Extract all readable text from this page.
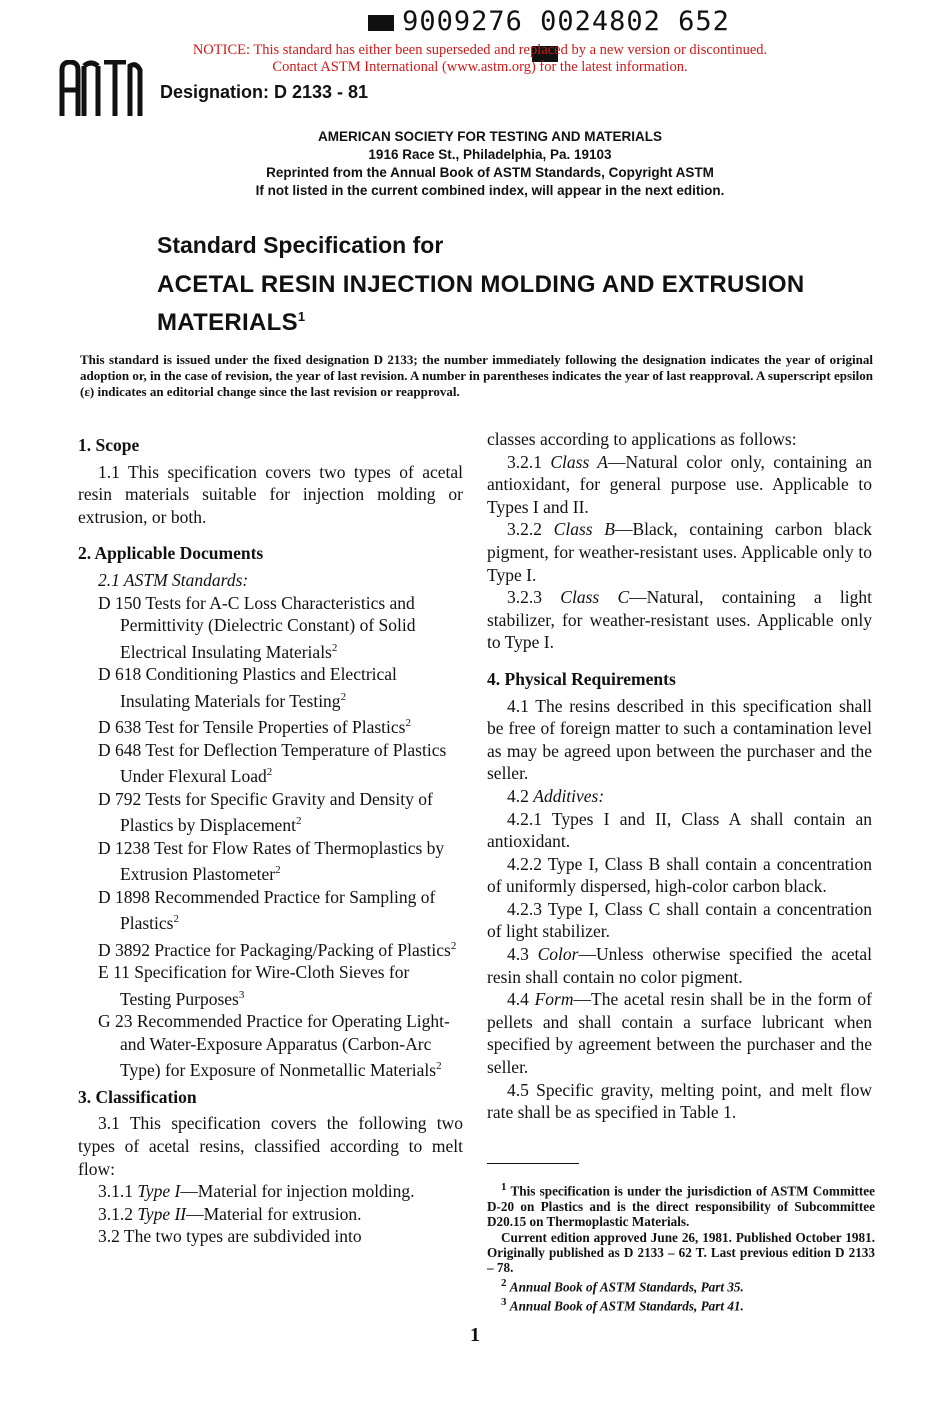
9009276 0024802 652
NOTICE: This standard has either been superseded and replaced by a new version or discontinued.
Contact ASTM International (www.astm.org) for the latest information.
Designation: D 2133 - 81
AMERICAN SOCIETY FOR TESTING AND MATERIALS
1916 Race St., Philadelphia, Pa. 19103
Reprinted from the Annual Book of ASTM Standards, Copyright ASTM
If not listed in the current combined index, will appear in the next edition.
Standard Specification for
ACETAL RESIN INJECTION MOLDING AND EXTRUSION MATERIALS$^1$
This standard is issued under the fixed designation D 2133; the number immediately following the designation indicates the year of original adoption or, in the case of revision, the year of last revision. A number in parentheses indicates the year of last reapproval. A superscript epsilon (ε) indicates an editorial change since the last revision or reapproval.

1. Scope

1.1 This specification covers two types of acetal resin materials suitable for injection molding or extrusion, or both.

2. Applicable Documents

2.1 ASTM Standards:

D 150 Tests for A-C Loss Characteristics and Permittivity (Dielectric Constant) of Solid Electrical Insulating Materials$^2$

D 618 Conditioning Plastics and Electrical Insulating Materials for Testing$^2$

D 638 Test for Tensile Properties of Plastics$^2$

D 648 Test for Deflection Temperature of Plastics Under Flexural Load$^2$

D 792 Tests for Specific Gravity and Density of Plastics by Displacement$^2$

D 1238 Test for Flow Rates of Thermoplastics by Extrusion Plastometer$^2$

D 1898 Recommended Practice for Sampling of Plastics$^2$

D 3892 Practice for Packaging/Packing of Plastics$^2$

E 11 Specification for Wire-Cloth Sieves for Testing Purposes$^3$

G 23 Recommended Practice for Operating Light- and Water-Exposure Apparatus (Carbon-Arc Type) for Exposure of Nonmetallic Materials$^2$

3. Classification

3.1 This specification covers the following two types of acetal resins, classified according to melt flow:

3.1.1 Type I—Material for injection molding.

3.1.2 Type II—Material for extrusion.

3.2 The two types are subdivided into

classes according to applications as follows:

3.2.1 Class A—Natural color only, containing an antioxidant, for general purpose use. Applicable to Types I and II.

3.2.2 Class B—Black, containing carbon black pigment, for weather-resistant uses. Applicable only to Type I.

3.2.3 Class C—Natural, containing a light stabilizer, for weather-resistant uses. Applicable only to Type I.

4. Physical Requirements

4.1 The resins described in this specification shall be free of foreign matter to such a contamination level as may be agreed upon between the purchaser and the seller.

4.2 Additives:

4.2.1 Types I and II, Class A shall contain an antioxidant.

4.2.2 Type I, Class B shall contain a concentration of uniformly dispersed, high-color carbon black.

4.2.3 Type I, Class C shall contain a concentration of light stabilizer.

4.3 Color—Unless otherwise specified the acetal resin shall contain no color pigment.

4.4 Form—The acetal resin shall be in the form of pellets and shall contain a surface lubricant when specified by agreement between the purchaser and the seller.

4.5 Specific gravity, melting point, and melt flow rate shall be as specified in Table 1.

$^1$ This specification is under the jurisdiction of ASTM Committee D-20 on Plastics and is the direct responsibility of Subcommittee D20.15 on Thermoplastic Materials.

Current edition approved June 26, 1981. Published October 1981. Originally published as D 2133 – 62 T. Last previous edition D 2133 – 78.

$^2$ Annual Book of ASTM Standards, Part 35.

$^3$ Annual Book of ASTM Standards, Part 41.

1
